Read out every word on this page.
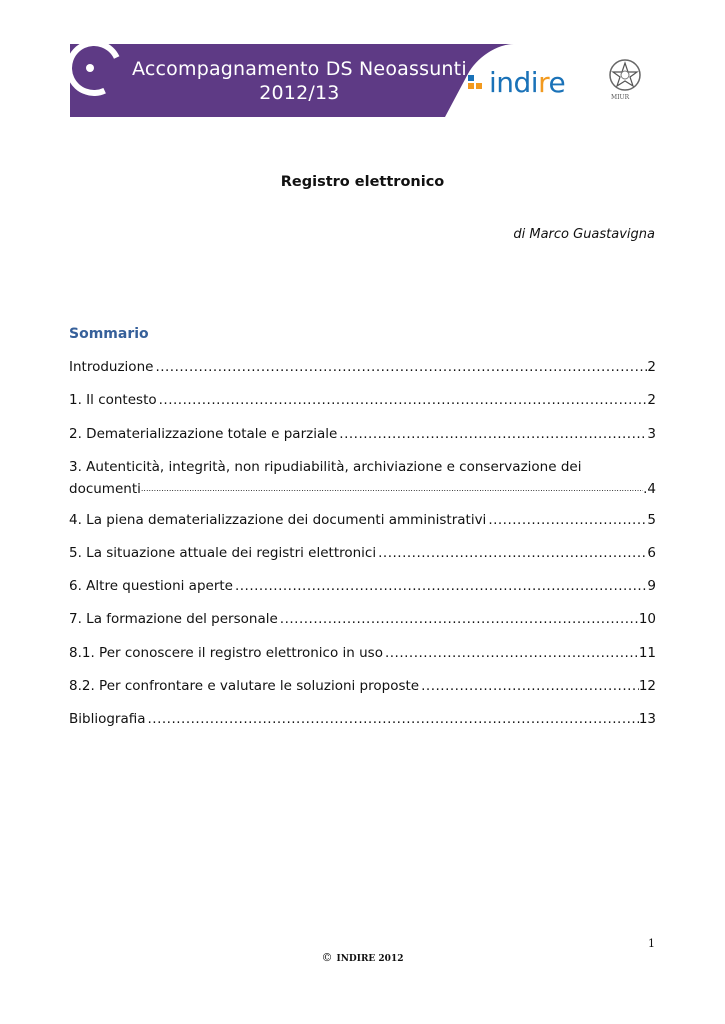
Accompagnamento DS Neoassunti
2012/13	indire	MIUR
Registro elettronico
di Marco Guastavigna
Sommario
Introduzione .....	2
1. Il contesto .....	2
2. Dematerializzazione totale e parziale .....	3
3. Autenticità, integrità, non ripudiabilità, archiviazione e conservazione dei
documenti .....	.4
4. La piena dematerializzazione dei documenti amministrativi .....	5
5. La situazione attuale dei registri elettronici .....	6
6. Altre questioni aperte .....	9
7. La formazione del personale .....	10
8.1. Per conoscere il registro elettronico in uso .....	11
8.2. Per confrontare e valutare le soluzioni proposte .....	12
Bibliografia .....	13
1
© INDIRE 2012
